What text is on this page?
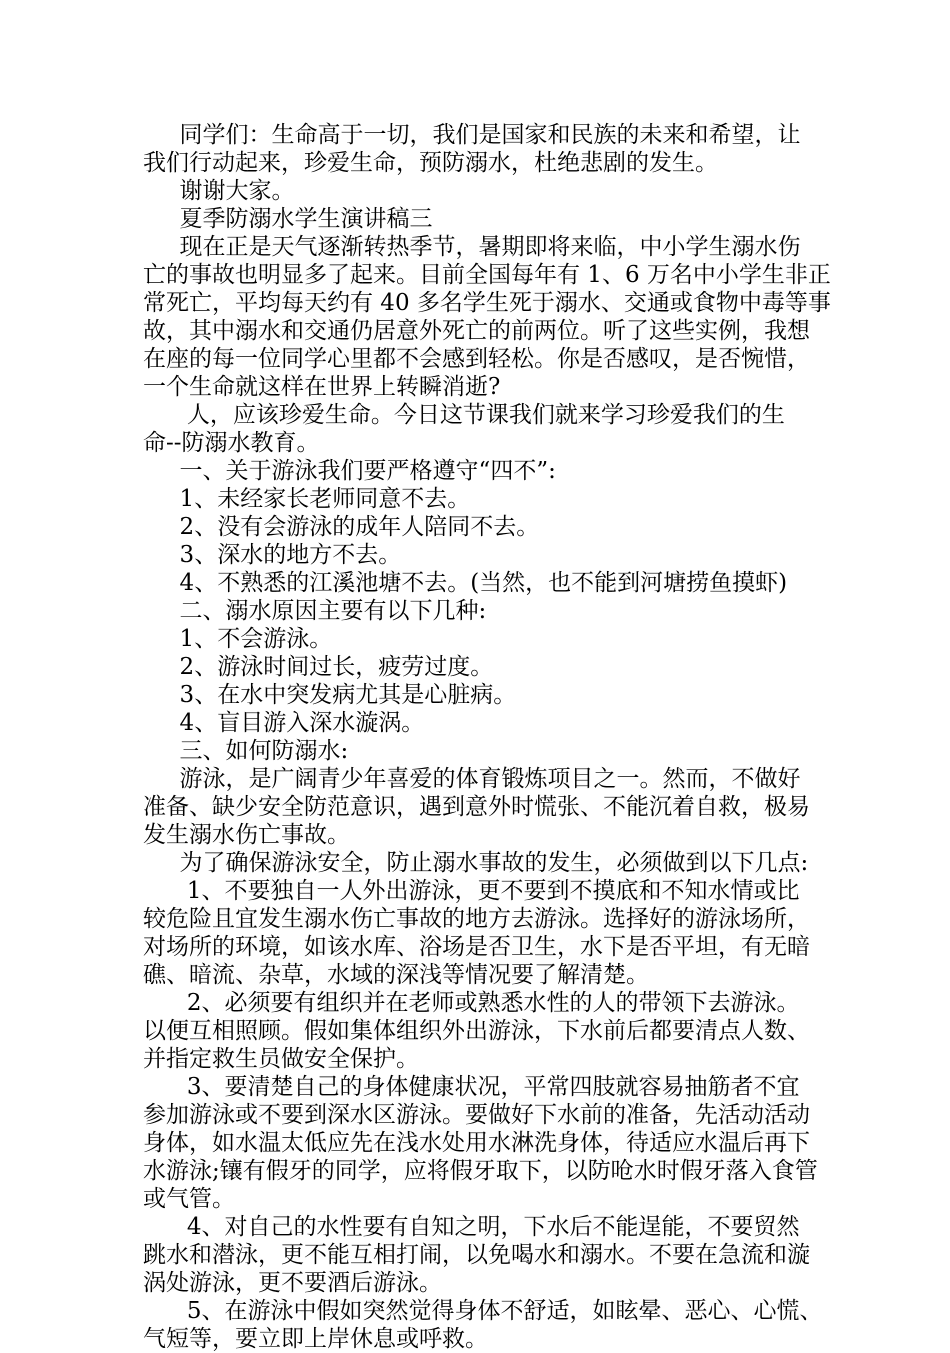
同学们：生命高于一切，我们是国家和民族的未来和希望，让
我们行动起来，珍爱生命，预防溺水，杜绝悲剧的发生。
谢谢大家。
夏季防溺水学生演讲稿三
现在正是天气逐渐转热季节，暑期即将来临，中小学生溺水伤
亡的事故也明显多了起来。目前全国每年有 1、6 万名中小学生非正
常死亡，平均每天约有 40 多名学生死于溺水、交通或食物中毒等事
故，其中溺水和交通仍居意外死亡的前两位。听了这些实例，我想
在座的每一位同学心里都不会感到轻松。你是否感叹，是否惋惜，
一个生命就这样在世界上转瞬消逝?
人，应该珍爱生命。今日这节课我们就来学习珍爱我们的生
命--防溺水教育。
一、关于游泳我们要严格遵守“四不”:
1、未经家长老师同意不去。
2、没有会游泳的成年人陪同不去。
3、深水的地方不去。
4、不熟悉的江溪池塘不去。(当然，也不能到河塘捞鱼摸虾)
二、溺水原因主要有以下几种:
1、不会游泳。
2、游泳时间过长，疲劳过度。
3、在水中突发病尤其是心脏病。
4、盲目游入深水漩涡。
三、如何防溺水:
游泳，是广阔青少年喜爱的体育锻炼项目之一。然而，不做好
准备、缺少安全防范意识，遇到意外时慌张、不能沉着自救，极易
发生溺水伤亡事故。
为了确保游泳安全，防止溺水事故的发生，必须做到以下几点:
1、不要独自一人外出游泳，更不要到不摸底和不知水情或比
较危险且宜发生溺水伤亡事故的地方去游泳。选择好的游泳场所，
对场所的环境，如该水库、浴场是否卫生，水下是否平坦，有无暗
礁、暗流、杂草，水域的深浅等情况要了解清楚。
2、必须要有组织并在老师或熟悉水性的人的带领下去游泳。
以便互相照顾。假如集体组织外出游泳，下水前后都要清点人数、
并指定救生员做安全保护。
3、要清楚自己的身体健康状况，平常四肢就容易抽筋者不宜
参加游泳或不要到深水区游泳。要做好下水前的准备，先活动活动
身体，如水温太低应先在浅水处用水淋洗身体，待适应水温后再下
水游泳;镶有假牙的同学，应将假牙取下，以防呛水时假牙落入食管
或气管。
4、对自己的水性要有自知之明，下水后不能逞能，不要贸然
跳水和潜泳，更不能互相打闹，以免喝水和溺水。不要在急流和漩
涡处游泳，更不要酒后游泳。
5、在游泳中假如突然觉得身体不舒适，如眩晕、恶心、心慌、
气短等，要立即上岸休息或呼救。
